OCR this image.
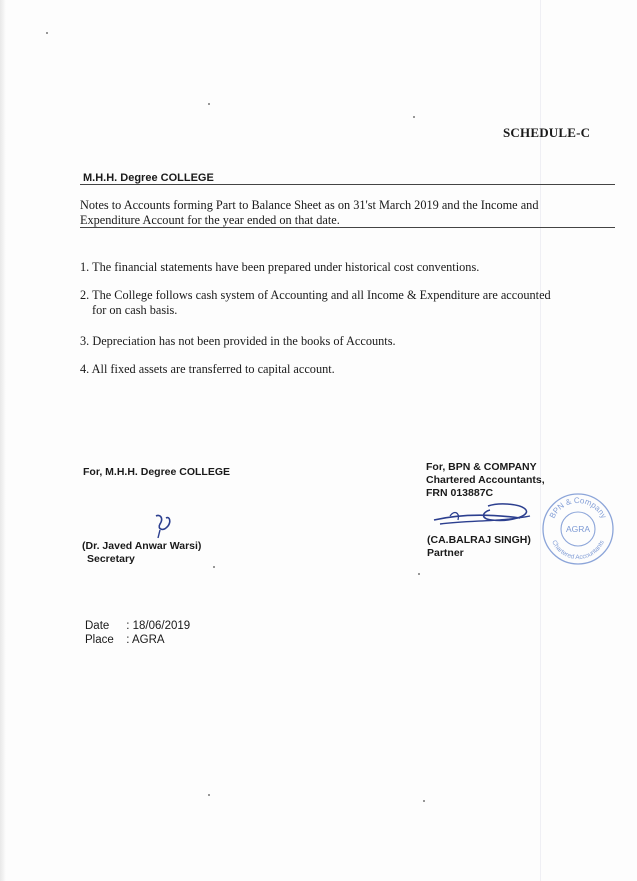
SCHEDULE-C
M.H.H. Degree COLLEGE
Notes to Accounts forming Part to Balance Sheet as on 31'st March 2019 and the Income and Expenditure Account for the year ended on that date.
1. The financial statements have been prepared under historical cost conventions.
2. The College follows cash system of Accounting and all Income & Expenditure are accounted
for on cash basis.
3. Depreciation has not been provided in the books of Accounts.
4. All fixed assets are transferred to capital account.
For, M.H.H. Degree COLLEGE
(Dr. Javed Anwar Warsi)
Secretary
For, BPN & COMPANY
Chartered Accountants,
FRN 013887C
(CA.BALRAJ SINGH)
Partner
BPN & Company
Chartered Accountants
AGRA
Date : 18/06/2019
Place : AGRA
